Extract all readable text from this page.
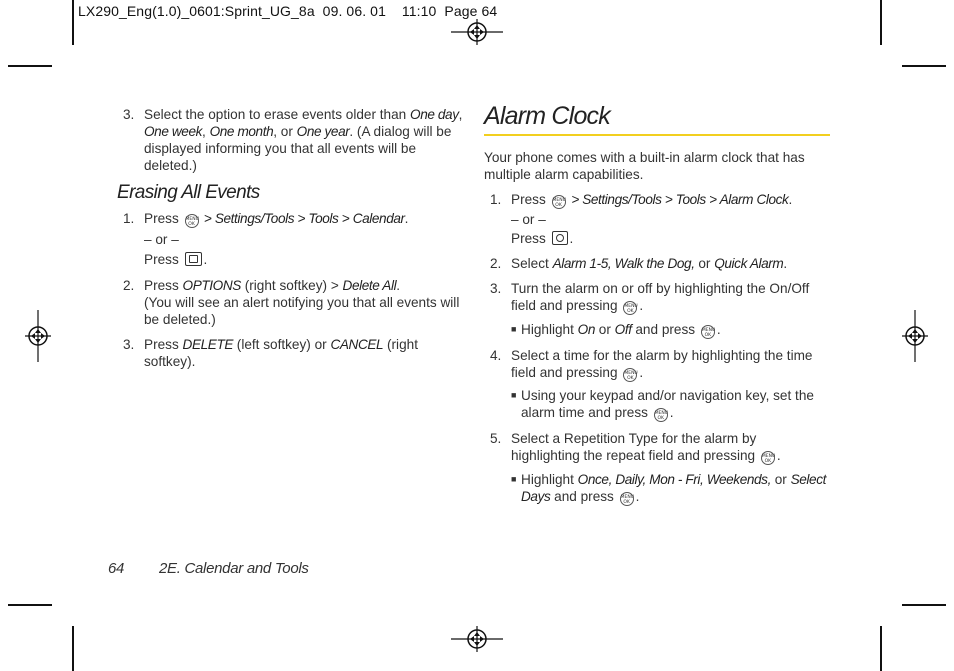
LX290_Eng(1.0)_0601:Sprint_UG_8a  09. 06. 01    11:10  Page 64
3. Select the option to erase events older than One day,
One week, One month, or One year. (A dialog will be
displayed informing you that all events will be
deleted.)
Erasing All Events
1. Press MENU OK > Settings/Tools > Tools > Calendar.
– or –
Press
.
2. Press OPTIONS (right softkey) > Delete All.
(You will see an alert notifying you that all events will
be deleted.)
3. Press DELETE (left softkey) or CANCEL (right softkey).
Alarm Clock
Your phone comes with a built-in alarm clock that has
multiple alarm capabilities.
1. Press MENU OK > Settings/Tools > Tools > Alarm Clock.
– or –
Press
.
2. Select Alarm 1-5, Walk the Dog, or Quick Alarm.
3. Turn the alarm on or off by highlighting the On/Off
field and pressing MENU OK .
■ Highlight On or Off and press MENU OK .
4. Select a time for the alarm by highlighting the time
field and pressing MENU OK .
■ Using your keypad and/or navigation key, set the
alarm time and press MENU OK .
5. Select a Repetition Type for the alarm by
highlighting the repeat field and pressing MENU OK .
■ Highlight Once, Daily, Mon - Fri, Weekends, or Select
Days and press MENU OK .
64 2E. Calendar and Tools
